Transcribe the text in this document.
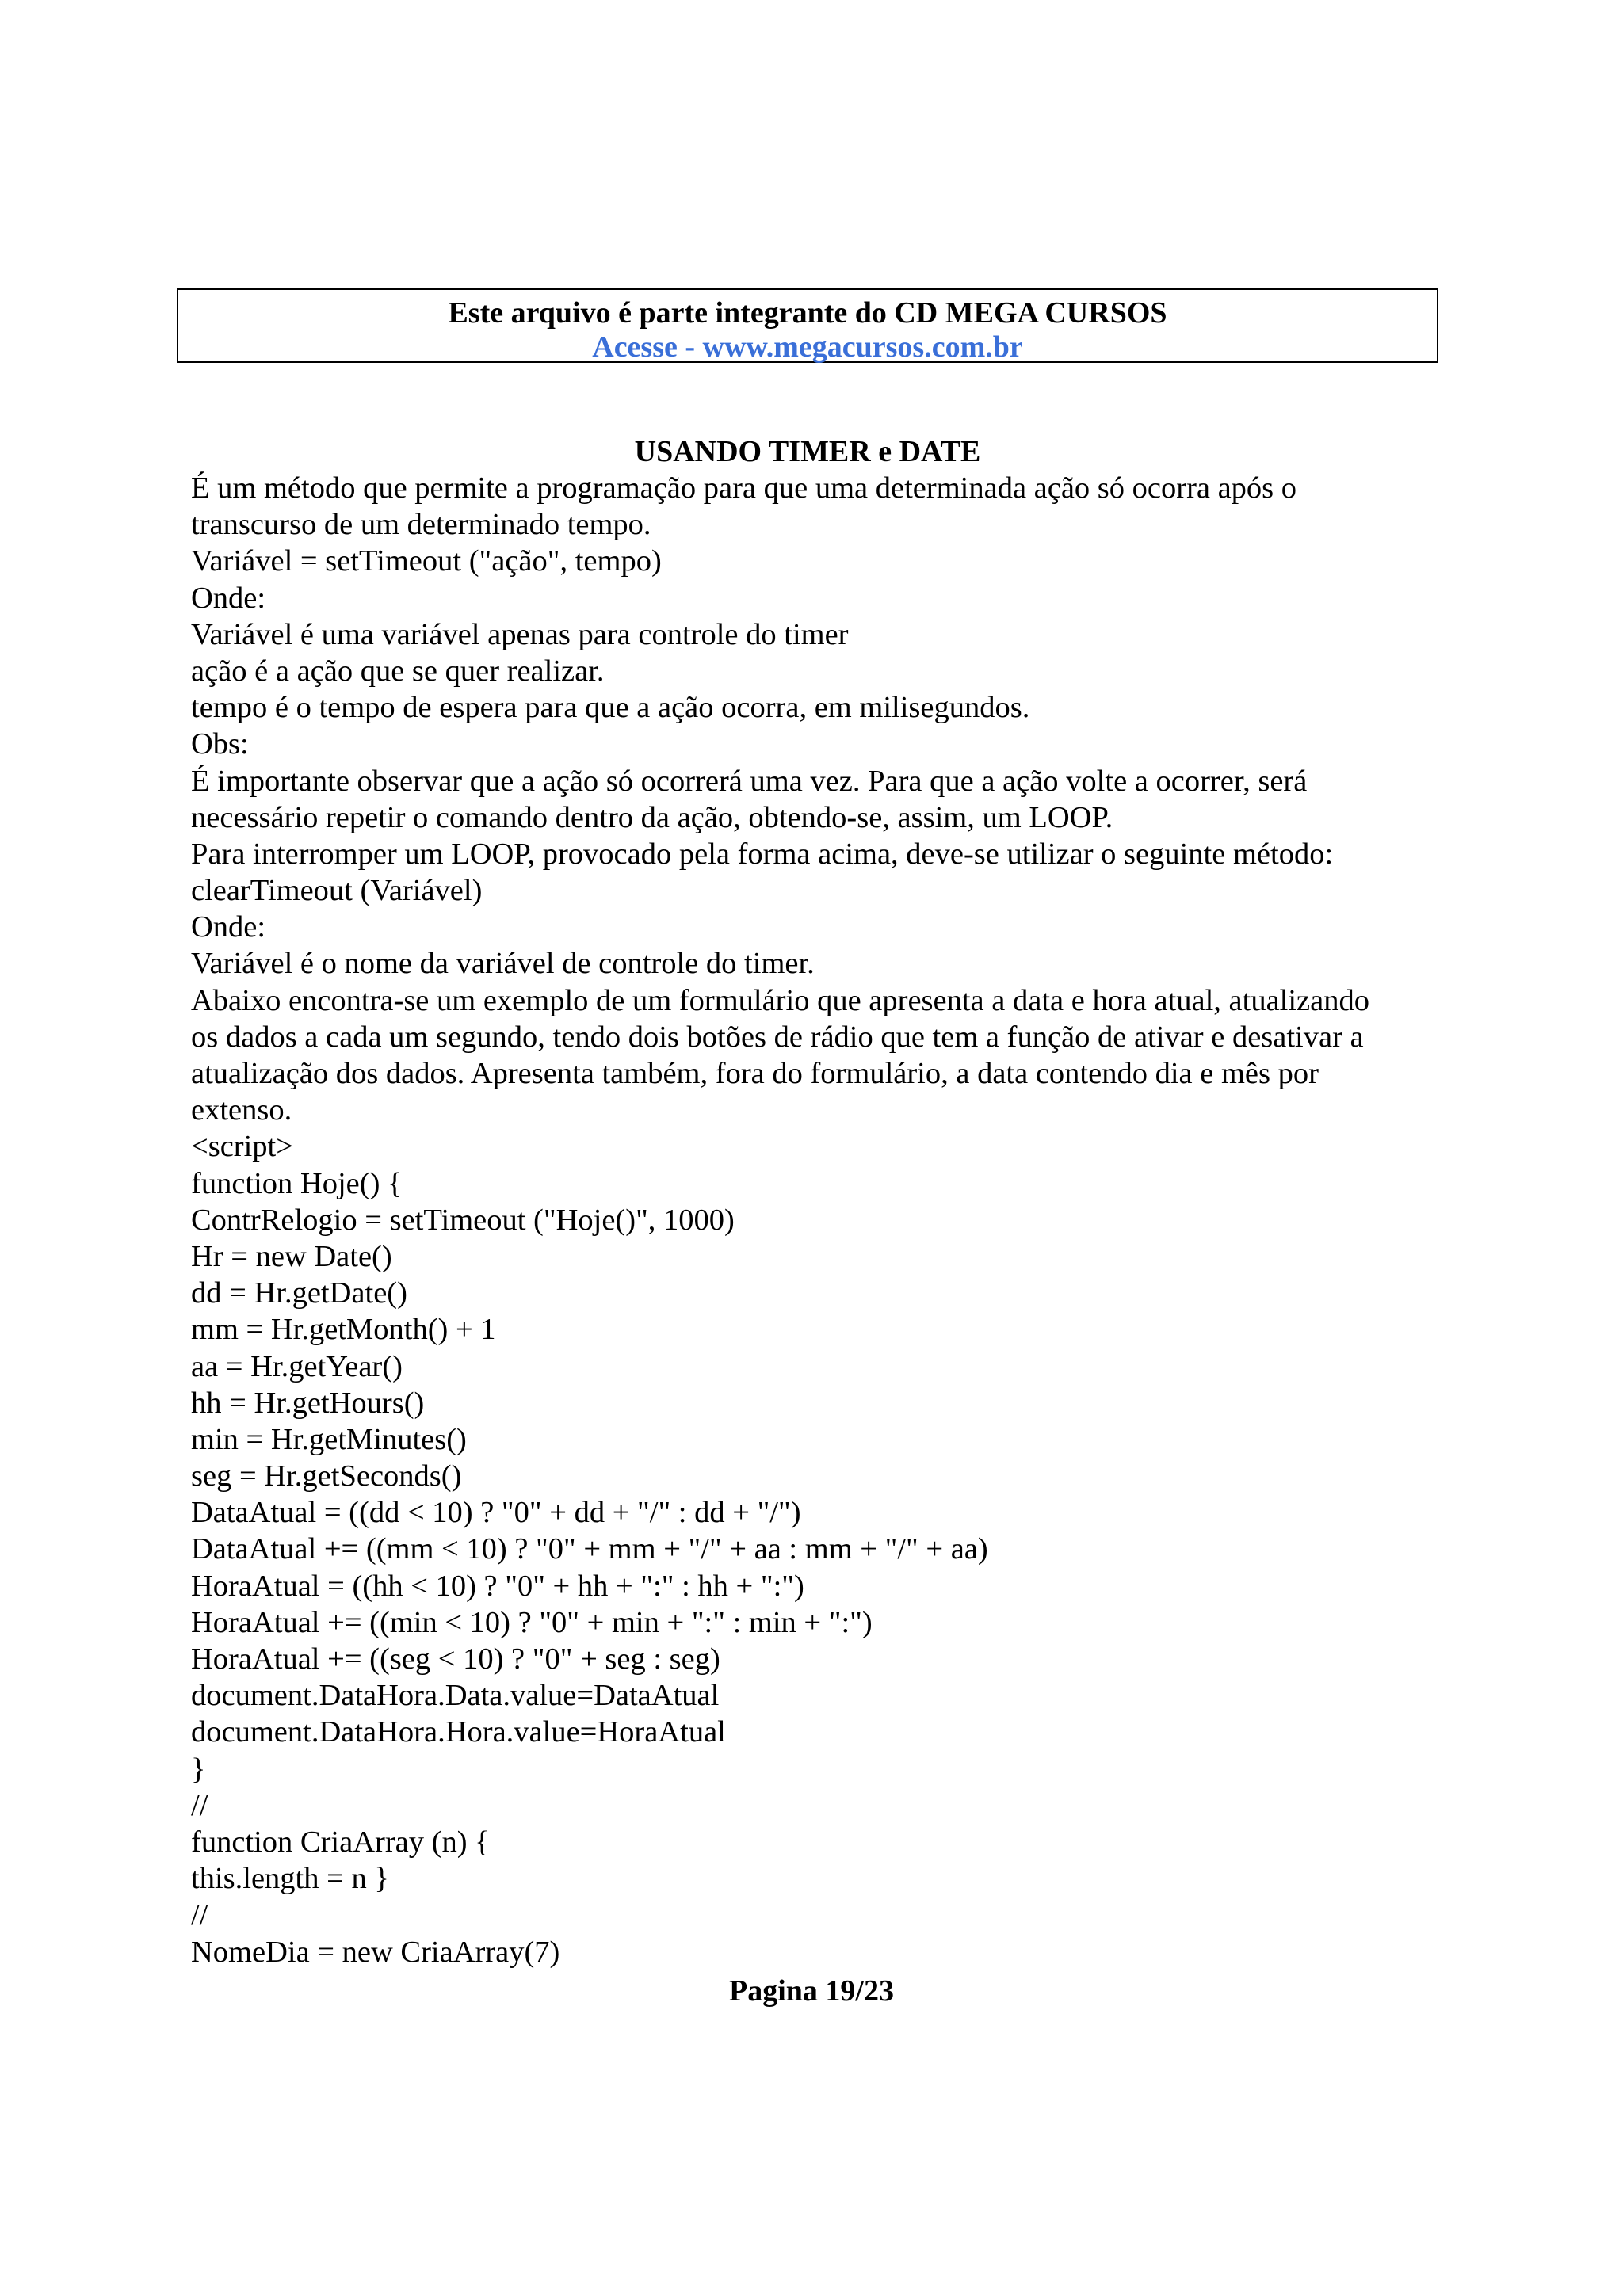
Este arquivo é parte integrante do CD MEGA CURSOS
Acesse - www.megacursos.com.br
USANDO TIMER e DATE
É um método que permite a programação para que uma determinada ação só ocorra após o
transcurso de um determinado tempo.
Variável = setTimeout ("ação", tempo)
Onde:
Variável é uma variável apenas para controle do timer
ação é a ação que se quer realizar.
tempo é o tempo de espera para que a ação ocorra, em milisegundos.
Obs:
É importante observar que a ação só ocorrerá uma vez. Para que a ação volte a ocorrer, será
necessário repetir o comando dentro da ação, obtendo-se, assim, um LOOP.
Para interromper um LOOP, provocado pela forma acima, deve-se utilizar o seguinte método:
clearTimeout (Variável)
Onde:
Variável é o nome da variável de controle do timer.
Abaixo encontra-se um exemplo de um formulário que apresenta a data e hora atual, atualizando
os dados a cada um segundo, tendo dois botões de rádio que tem a função de ativar e desativar a
atualização dos dados. Apresenta também, fora do formulário, a data contendo dia e mês por
extenso.
<script>
function Hoje() {
ContrRelogio = setTimeout ("Hoje()", 1000)
Hr = new Date()
dd = Hr.getDate()
mm = Hr.getMonth() + 1
aa = Hr.getYear()
hh = Hr.getHours()
min = Hr.getMinutes()
seg = Hr.getSeconds()
DataAtual = ((dd < 10) ? "0" + dd + "/" : dd + "/")
DataAtual += ((mm < 10) ? "0" + mm + "/" + aa : mm + "/" + aa)
HoraAtual = ((hh < 10) ? "0" + hh + ":" : hh + ":")
HoraAtual += ((min < 10) ? "0" + min + ":" : min + ":")
HoraAtual += ((seg < 10) ? "0" + seg : seg)
document.DataHora.Data.value=DataAtual
document.DataHora.Hora.value=HoraAtual
}
//
function CriaArray (n) {
this.length = n }
//
NomeDia = new CriaArray(7)
Pagina 19/23
